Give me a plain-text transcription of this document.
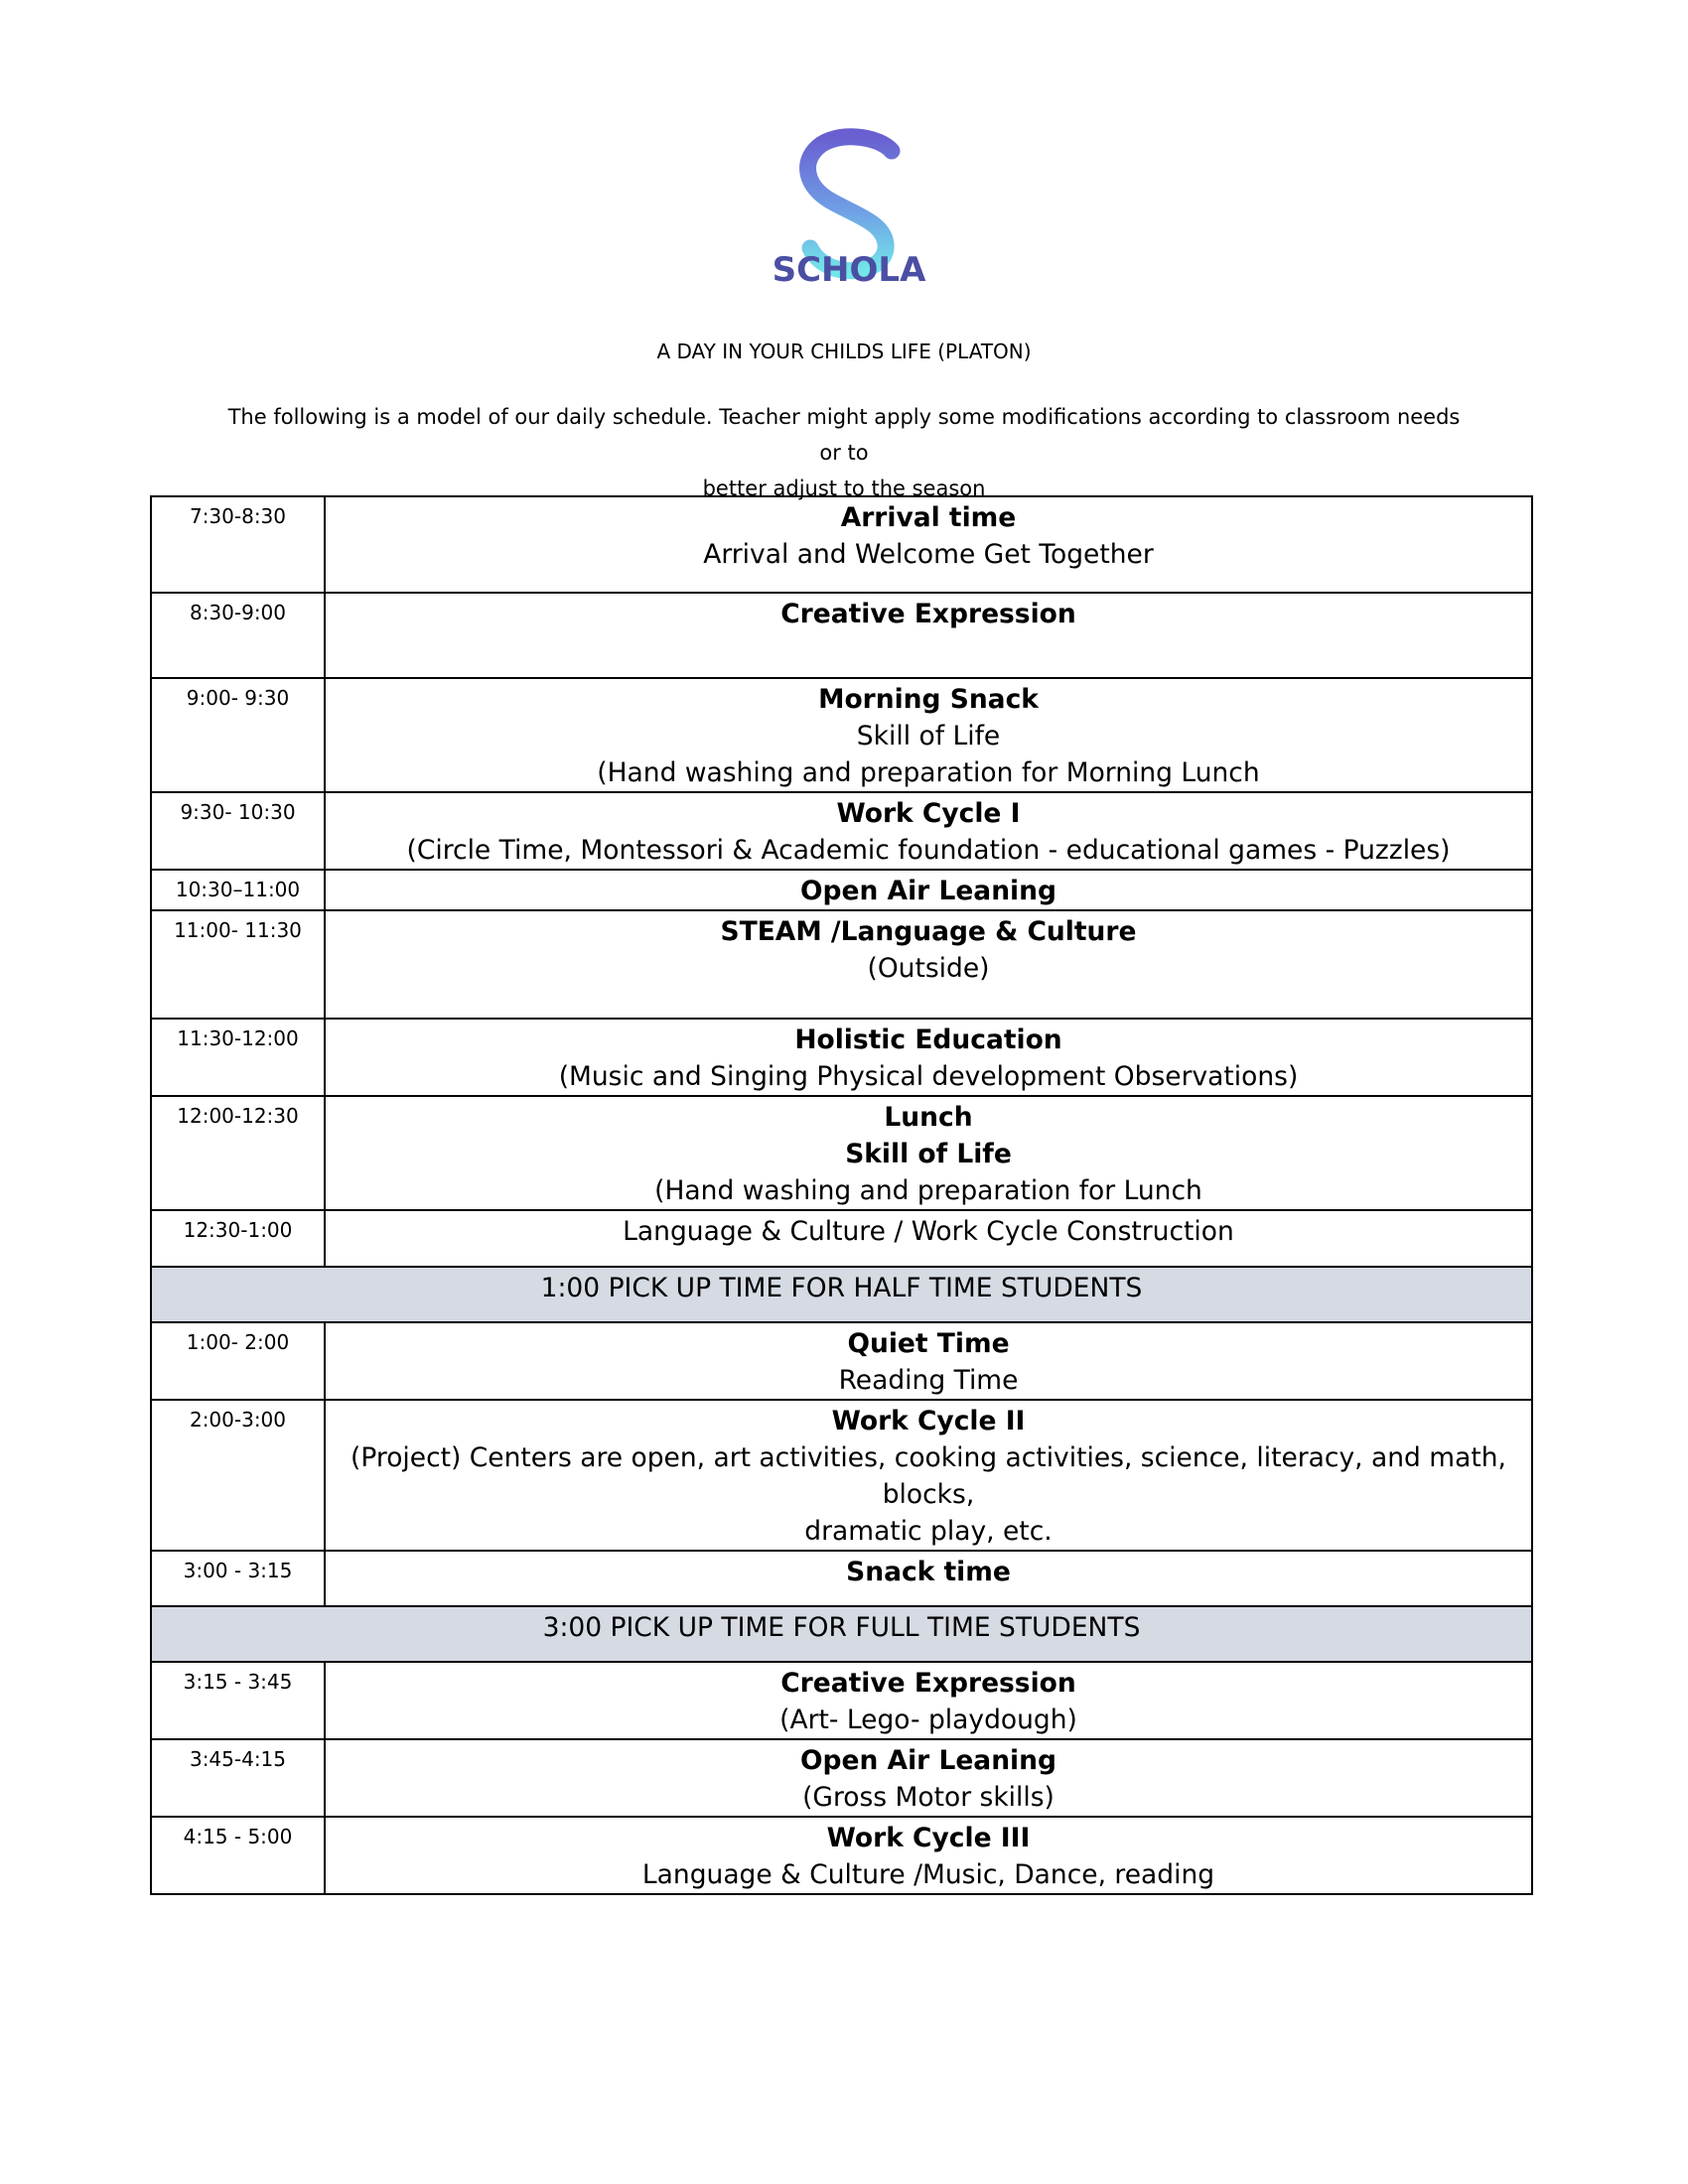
SCHOLA
A DAY IN YOUR CHILDS LIFE (PLATON)
The following is a model of our daily schedule. Teacher might apply some modifications according to classroom needs or to
better adjust to the season
7:30-8:30	Arrival time
Arrival and Welcome Get Together

8:30-9:00	Creative Expression

9:00- 9:30	Morning Snack
Skill of Life
(Hand washing and preparation for Morning Lunch

9:30- 10:30	Work Cycle I
(Circle Time, Montessori & Academic foundation - educational games - Puzzles)

10:30–11:00	Open Air Leaning

11:00- 11:30	STEAM /Language & Culture
(Outside)

11:30-12:00	Holistic Education
(Music and Singing Physical development Observations)

12:00-12:30	Lunch
Skill of Life
(Hand washing and preparation for Lunch

12:30-1:00	Language & Culture / Work Cycle Construction

1:00 PICK UP TIME FOR HALF TIME STUDENTS	
1:00- 2:00	Quiet Time
Reading Time

2:00-3:00	Work Cycle II
(Project) Centers are open, art activities, cooking activities, science, literacy, and math, blocks,
dramatic play, etc.

3:00 - 3:15	Snack time

3:00 PICK UP TIME FOR FULL TIME STUDENTS	
3:15 - 3:45	Creative Expression
(Art- Lego- playdough)

3:45-4:15	Open Air Leaning
(Gross Motor skills)

4:15 - 5:00	Work Cycle III
Language & Culture /Music, Dance, reading
